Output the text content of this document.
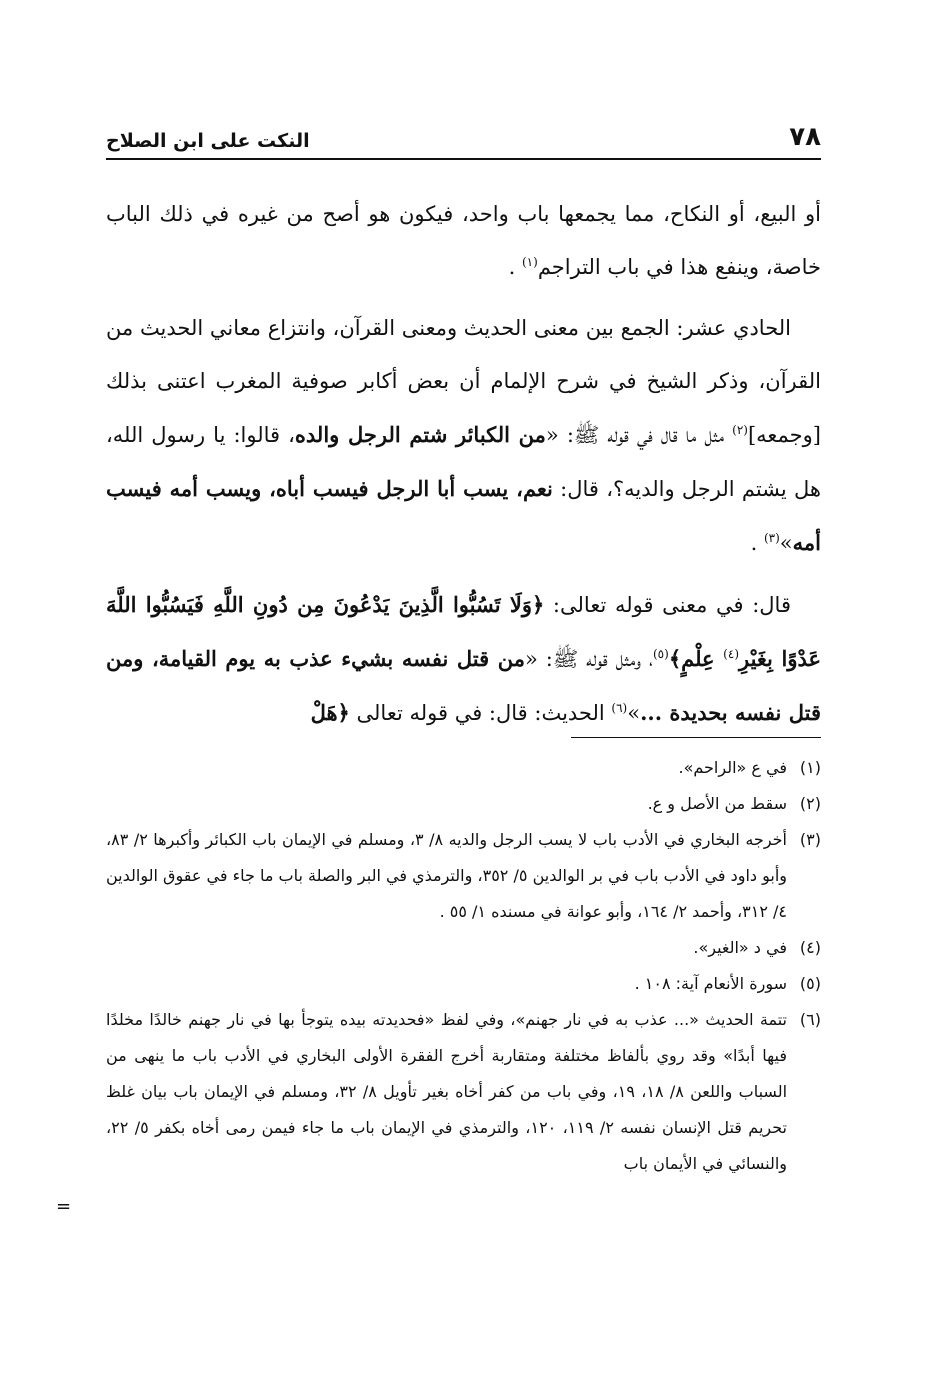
٧٨
النكت على ابن الصلاح

أو البيع، أو النكاح، مما يجمعها باب واحد، فيكون هو أصح من غيره في ذلك الباب خاصة، وينفع هذا في باب التراجم$^{(١)}$ .

الحادي عشر: الجمع بين معنى الحديث ومعنى القرآن، وانتزاع معاني الحديث من القرآن، وذكر الشيخ في شرح الإلمام أن بعض أكابر صوفية المغرب اعتنى بذلك [وجمعه]$^{(٢)}$ مثل ما قال في قوله ﷺ: «من الكبائر شتم الرجل والده، قالوا: يا رسول الله، هل يشتم الرجل والديه؟، قال: نعم، يسب أبا الرجل فيسب أباه، ويسب أمه فيسب أمه»$^{(٣)}$ .

قال: في معنى قوله تعالى: ﴿وَلَا تَسُبُّوا الَّذِينَ يَدْعُونَ مِن دُونِ اللَّهِ فَيَسُبُّوا اللَّهَ عَدْوًا بِغَيْرِ$^{(٤)}$ عِلْمٍ﴾$^{(٥)}$، ومثل قوله ﷺ: «من قتل نفسه بشيء عذب به يوم القيامة، ومن قتل نفسه بحديدة ...»$^{(٦)}$ الحديث: قال: في قوله تعالى ﴿هَلْ

(١)
في ع «الراحم».
(٢)
سقط من الأصل و ع.
(٣)
أخرجه البخاري في الأدب باب لا يسب الرجل والديه ٨/ ٣، ومسلم في الإيمان باب الكبائر وأكبرها ٢/ ٨٣، وأبو داود في الأدب باب في بر الوالدين ٥/ ٣٥٢، والترمذي في البر والصلة باب ما جاء في عقوق الوالدين ٤/ ٣١٢، وأحمد ٢/ ١٦٤، وأبو عوانة في مسنده ١/ ٥٥ .
(٤)
في د «الغير».
(٥)
سورة الأنعام آية: ١٠٨ .
(٦)
تتمة الحديث «... عذب به في نار جهنم»، وفي لفظ «فحديدته بيده يتوجأ بها في نار جهنم خالدًا مخلدًا فيها أبدًا» وقد روي بألفاظ مختلفة ومتقاربة أخرج الفقرة الأولى البخاري في الأدب باب ما ينهى من السباب واللعن ٨/ ١٨، ١٩، وفي باب من كفر أخاه بغير تأويل ٨/ ٣٢، ومسلم في الإيمان باب بيان غلظ تحريم قتل الإنسان نفسه ٢/ ١١٩، ١٢٠، والترمذي في الإيمان باب ما جاء فيمن رمى أخاه بكفر ٥/ ٢٢، والنسائي في الأيمان باب
=
